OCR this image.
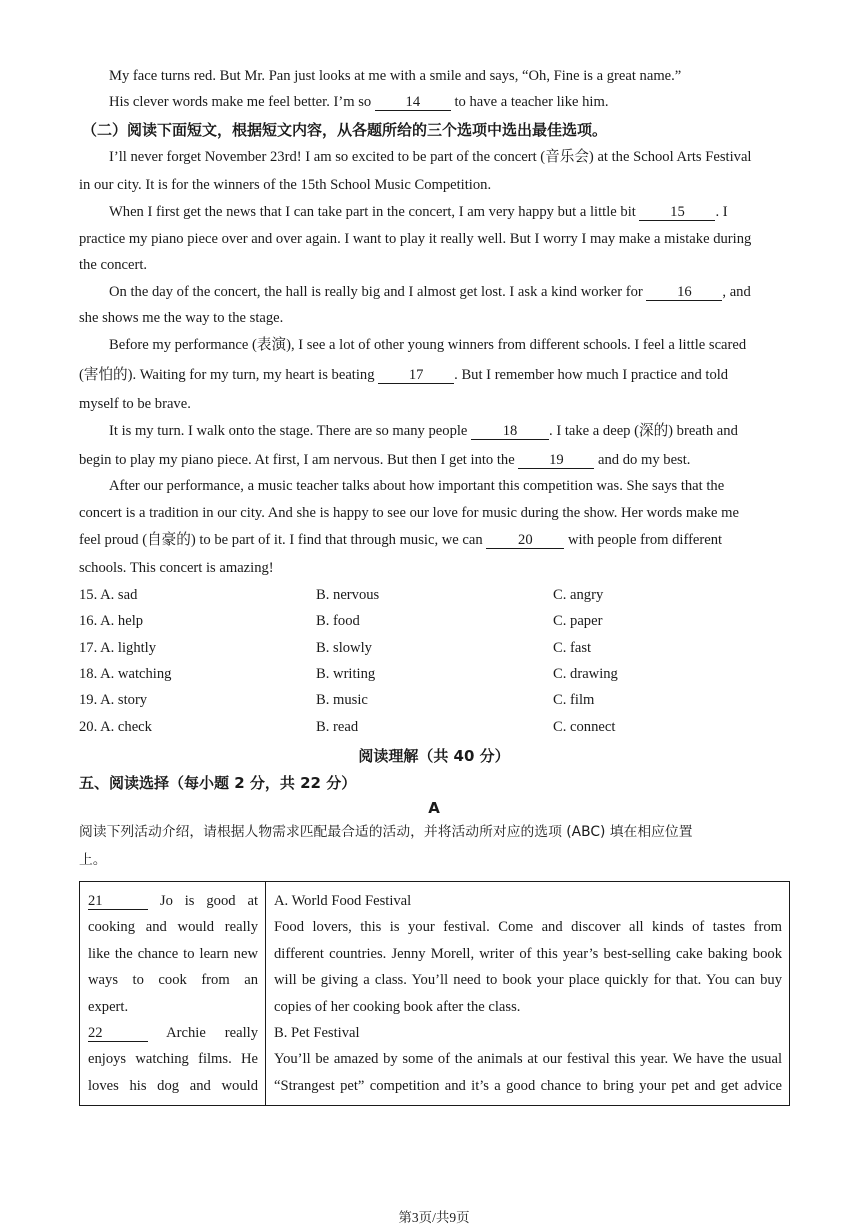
My face turns red. But Mr. Pan just looks at me with a smile and says, “Oh, Fine is a great name.”
His clever words make me feel better. I’m so 14 to have a teacher like him.
（二）阅读下面短文，根据短文内容，从各题所给的三个选项中选出最佳选项。
I’ll never forget November 23rd! I am so excited to be part of the concert (音乐会) at the School Arts Festival
in our city. It is for the winners of the 15th School Music Competition.
When I first get the news that I can take part in the concert, I am very happy but a little bit 15 . I
practice my piano piece over and over again. I want to play it really well. But I worry I may make a mistake during
the concert.
On the day of the concert, the hall is really big and I almost get lost. I ask a kind worker for 16 , and
she shows me the way to the stage.
Before my performance (表演), I see a lot of other young winners from different schools. I feel a little scared
(害怕的). Waiting for my turn, my heart is beating 17 . But I remember how much I practice and told
myself to be brave.
It is my turn. I walk onto the stage. There are so many people 18 . I take a deep (深的) breath and
begin to play my piano piece. At first, I am nervous. But then I get into the 19 and do my best.
After our performance, a music teacher talks about how important this competition was. She says that the
concert is a tradition in our city. And she is happy to see our love for music during the show. Her words make me
feel proud (自豪的) to be part of it. I find that through music, we can 20 with people from different
schools. This concert is amazing!
15. A. sad	B. nervous	C. angry
16. A. help	B. food	C. paper
17. A. lightly	B. slowly	C. fast
18. A. watching	B. writing	C. drawing
19. A. story	B. music	C. film
20. A. check	B. read	C. connect
阅读理解（共 40 分）
五、阅读选择（每小题 2 分，共 22 分）
A
阅读下列活动介绍，请根据人物需求匹配最合适的活动，并将活动所对应的选项 (ABC) 填在相应位置
上。
21	Jo is good at
cooking and would really
like the chance to learn new
ways to cook from an
expert.
22	Archie really
enjoys watching films. He
loves his dog and would

A. World Food Festival
Food lovers, this is your festival. Come and discover all kinds of tastes from
different countries. Jenny Morell, writer of this year’s best-selling cake baking book
will be giving a class. You’ll need to book your place quickly for that. You can buy
copies of her cooking book after the class.
B. Pet Festival
You’ll be amazed by some of the animals at our festival this year. We have the usual
“Strangest pet” competition and it’s a good chance to bring your pet and get advice
第3页/共9页
